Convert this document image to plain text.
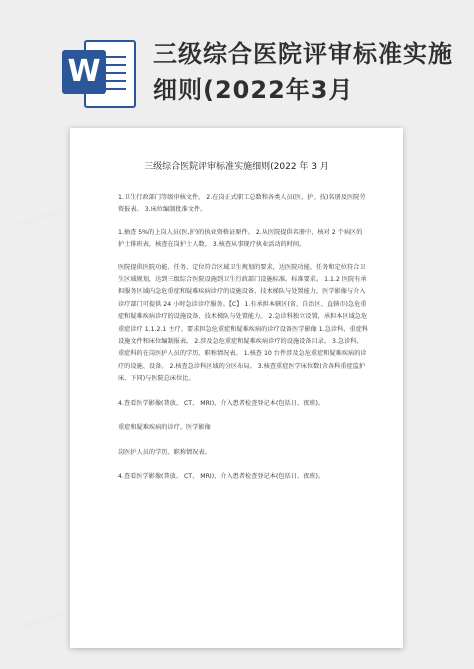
W 三级综合医院评审标准实施细则(2022年3月
三级综合医院评审标准实施细则(2022 年 3 月

1.卫生行政部门等级审核文件。 2.在岗正式职工总数和各类人员(医、护、技)名册及医院劳资报表。 3.床位编制批准文件。

1.抽查 5%的上岗人员(医,护)的执业资格证原件。 2.从医院提供名册中，核对 2 个病区的护士排班表，核查在岗护士人数。 3.核查从事现疗执业活动的时间。

医院提供医院功能、任务、定位符合区域卫生规划的要求，达医院功能、任务和定位符合卫生区域规划，达到三级综合医院设施到卫生行政部门设施标准。标准要求。 1.1.2 医院有承担服务区域内急危重症和疑难疾病诊疗的设施设备、技术梯队与处置能力，医学影像与介入诊疗部门可提供 24 小时急诊诊疗服务。【C】 1.有承担本辖区(省、自治区、直辖市)急危重症和疑难疾病诊疗的设施设备、技术梯队与处置能力。 2.急诊科独立设置，承担本区域急危重症诊疗 1.1.2.1 主疗。要求担急危重症和疑难疾病的诊疗设备医学影像 1.急诊科、重症科设施文件和床位编制报表。 2.涉及急危重症和疑难疾病诊疗的设施设备目录。 3.急诊科、重症科的在岗医护人员的学历、职称情况表。 1.核查 10 台件涉及急危重症和疑难疾病的诊疗的设施、设备。 2.核查急诊科区域的分区布局。 3.核查重症医学床位数(含各科重症监护床、下同)与医院总床位比。

4.查看医学影像(普放、 CT、 MRI)、介入患者检查登记本(包括日、夜班)。

重症和疑难疾病的诊疗。医学影像

岗医护人员的学历、职称情况表。

4.查看医学影像(普放、 CT、 MRI)、介入患者检查登记本(包括日、夜班)。
